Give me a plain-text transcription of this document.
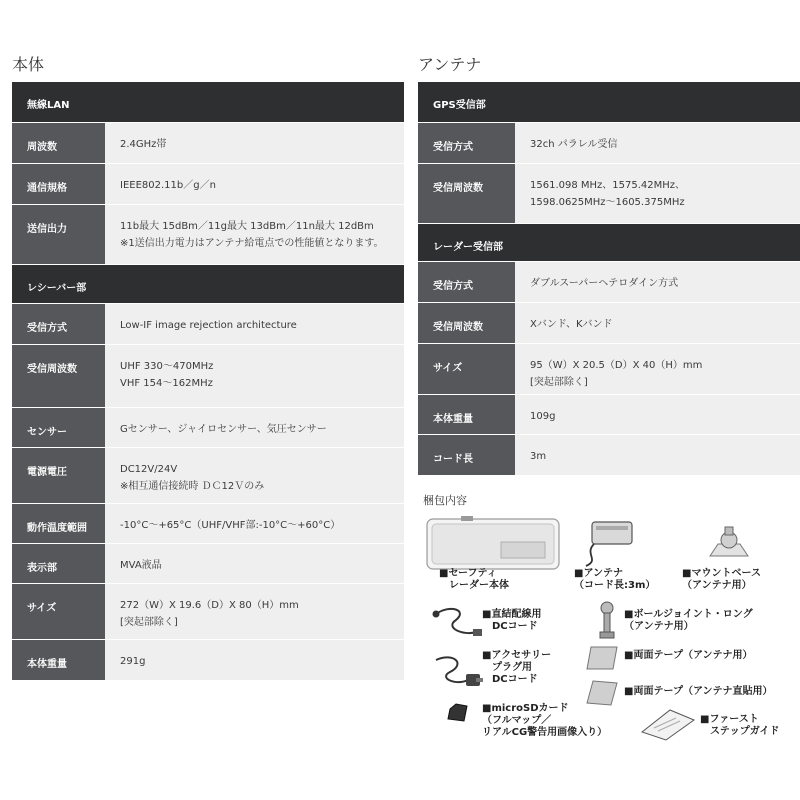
本体	アンテナ
無線LAN	
周波数	2.4GHz帯

通信規格	IEEE802.11b／g／n

送信出力	11b最大 15dBm／11g最大 13dBm／11n最大 12dBm
※1送信出力電力はアンテナ給電点での性能値となります。

レシーバー部	
受信方式	Low-IF image rejection architecture

受信周波数	UHF 330〜470MHz
VHF 154〜162MHz

センサー	Gセンサー、ジャイロセンサー、気圧センサー

電源電圧	DC12V/24V
※相互通信接続時 ＤＣ12Ｖのみ

動作温度範囲	-10°C〜+65°C（UHF/VHF部:-10°C〜+60°C）

表示部	MVA液晶

サイズ	272（W）X 19.6（D）X 80（H）mm
[突起部除く]

本体重量	291g
GPS受信部	
受信方式	32ch パラレル受信

受信周波数	1561.098 MHz、1575.42MHz、
1598.0625MHz〜1605.375MHz

レーダー受信部	
受信方式	ダブルスーパーヘテロダイン方式

受信周波数	Xバンド、Kバンド

サイズ	95（W）X 20.5（D）X 40（H）mm
[突起部除く]

本体重量	109g

コード長	3m
梱包内容
■セーフティ
レーダー本体
■アンテナ
（コード長:3m）
■マウントベース
（アンテナ用）
■直結配線用
DCコード
■ボールジョイント・ロング
（アンテナ用）
■アクセサリー
プラグ用
DCコード
■両面テープ（アンテナ用）
■両面テープ（アンテナ直貼用）
■microSDカード
（フルマップ／
リアルCG警告用画像入り）
■ファースト
ステップガイド
